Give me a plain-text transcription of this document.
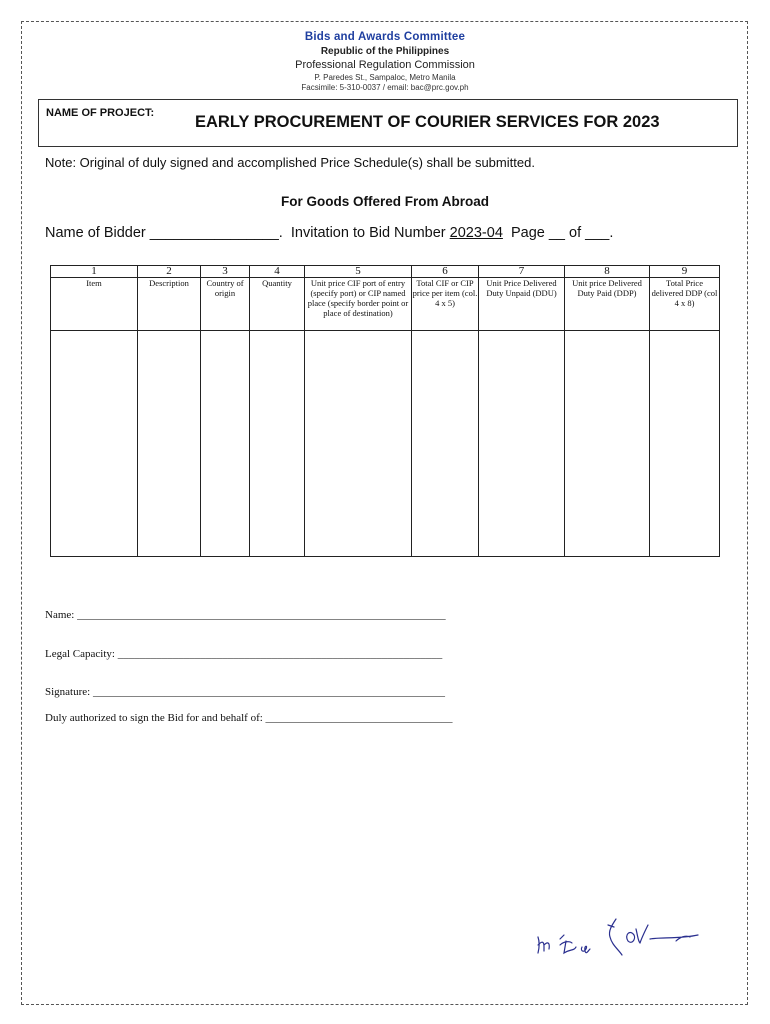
Bids and Awards Committee
Republic of the Philippines
Professional Regulation Commission
P. Paredes St., Sampaloc, Metro Manila
Facsimile: 5-310-0037 / email: bac@prc.gov.ph
NAME OF PROJECT: EARLY PROCUREMENT OF COURIER SERVICES FOR 2023
Note: Original of duly signed and accomplished Price Schedule(s) shall be submitted.
For Goods Offered From Abroad
Name of Bidder ________________. Invitation to Bid Number 2023-04 Page __ of ___.
1	2	3	4	5	6	7	8	9
Item	Description	Country of origin	Quantity	Unit price CIF port of entry (specify port) or CIP named place (specify border point or place of destination)	Total CIF or CIP price per item (col. 4 x 5)	Unit Price Delivered Duty Unpaid (DDU)	Unit price Delivered Duty Paid (DDP)	Total Price delivered DDP (col 4 x 8)

Name: ___________________________________________________________________
Legal Capacity: ___________________________________________________________
Signature: ________________________________________________________________
Duly authorized to sign the Bid for and behalf of: __________________________________
